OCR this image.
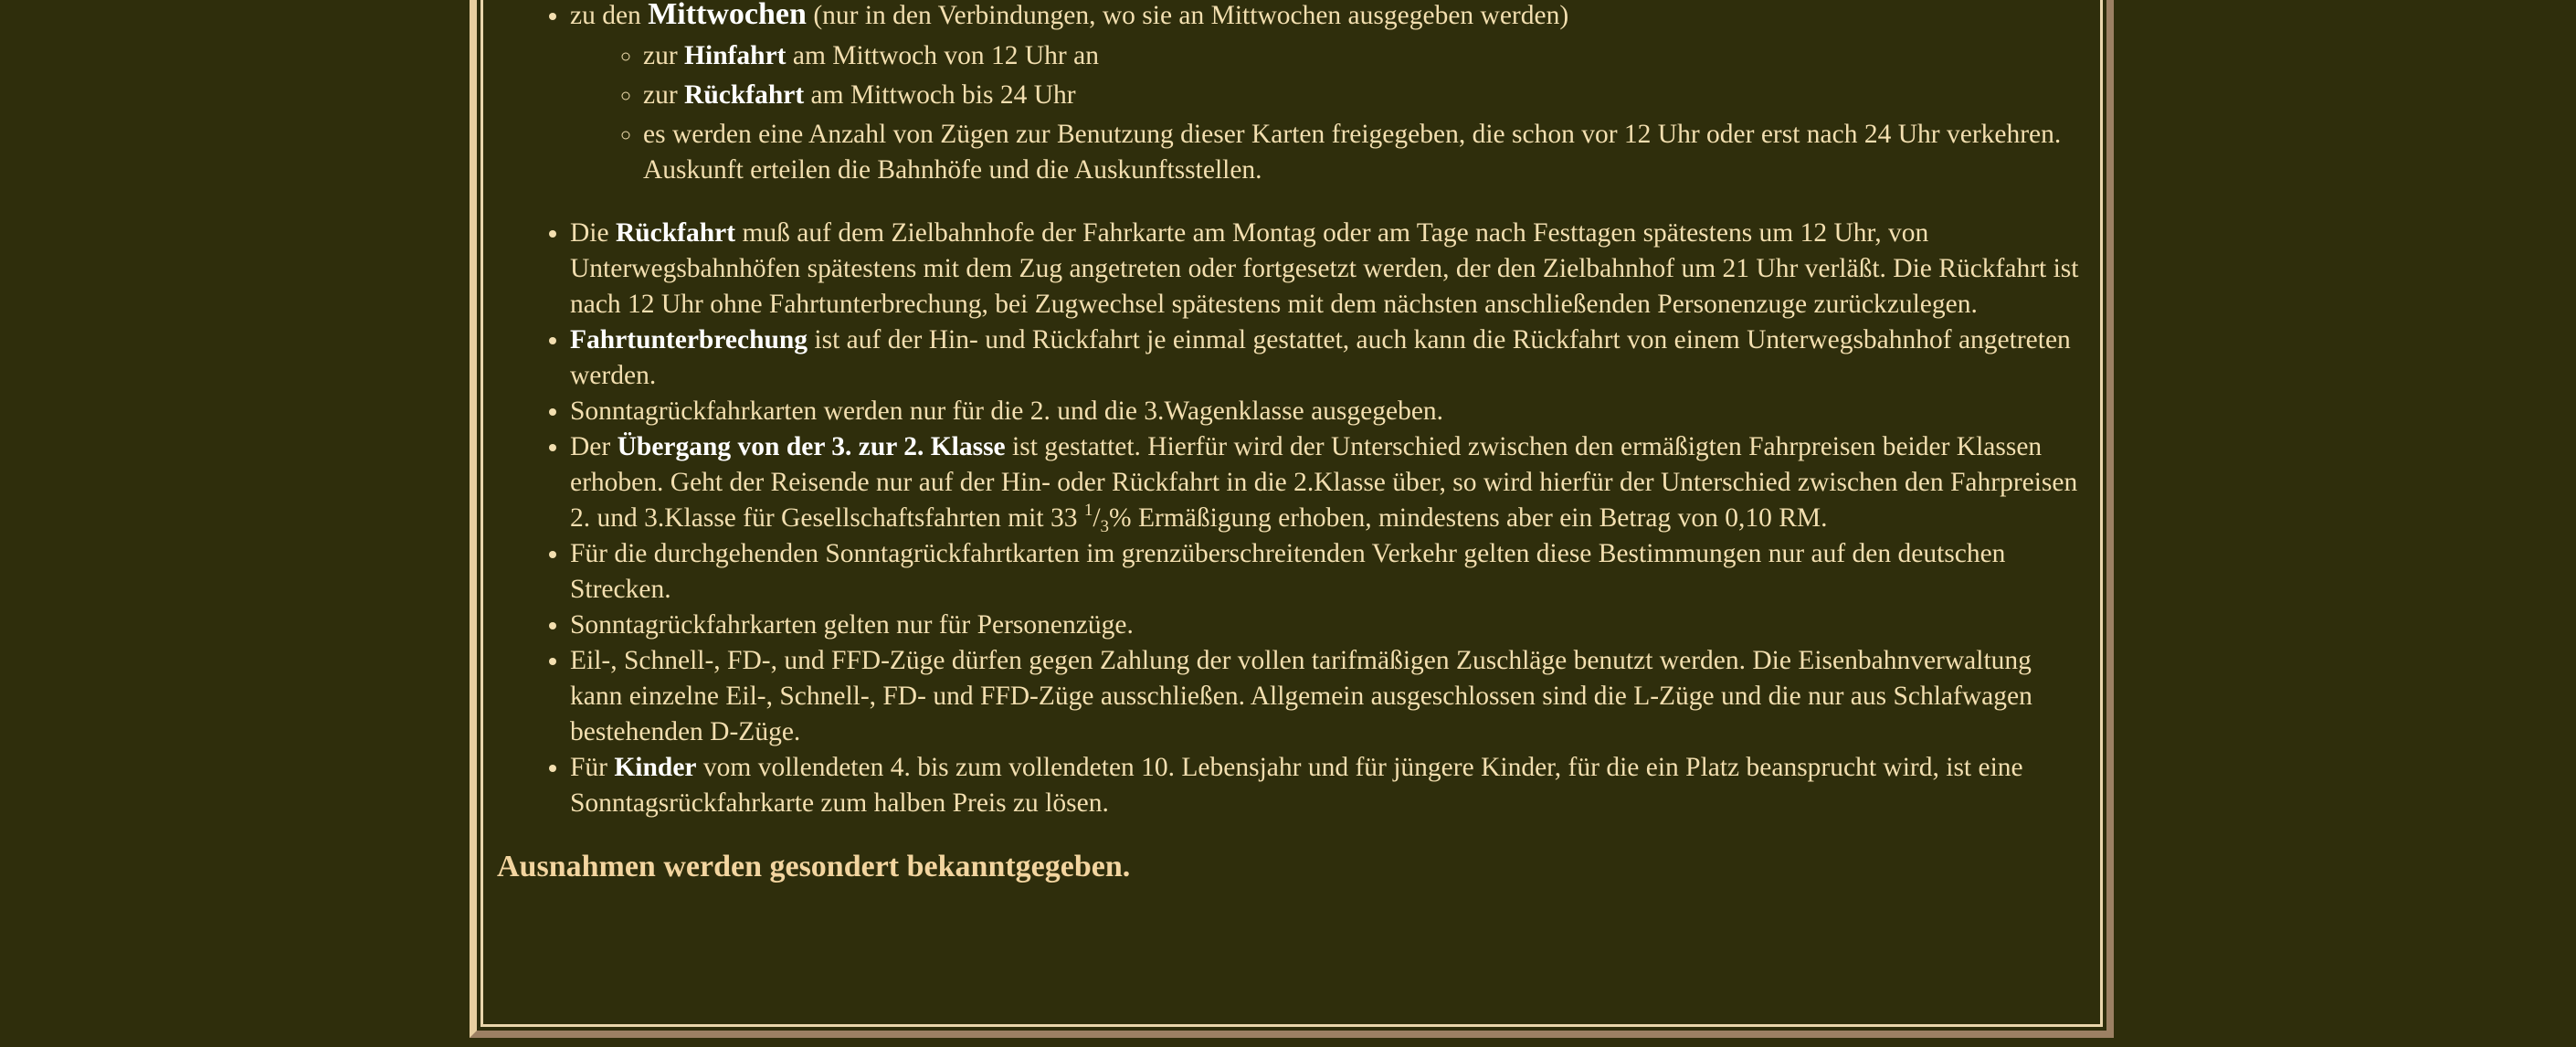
• zu den Mittwochen (nur in den Verbindungen, wo sie an Mittwochen ausgegeben werden)
◦ zur Hinfahrt am Mittwoch von 12 Uhr an
◦ zur Rückfahrt am Mittwoch bis 24 Uhr
◦ es werden eine Anzahl von Zügen zur Benutzung dieser Karten freigegeben, die schon vor 12 Uhr oder erst nach 24 Uhr verkehren. Auskunft erteilen die Bahnhöfe und die Auskunftsstellen.
• Die Rückfahrt muß auf dem Zielbahnhofe der Fahrkarte am Montag oder am Tage nach Festtagen spätestens um 12 Uhr, von Unterwegsbahnhöfen spätestens mit dem Zug angetreten oder fortgesetzt werden, der den Zielbahnhof um 21 Uhr verläßt. Die Rückfahrt ist nach 12 Uhr ohne Fahrtunterbrechung, bei Zugwechsel spätestens mit dem nächsten anschließenden Personenzuge zurückzulegen.
• Fahrtunterbrechung ist auf der Hin- und Rückfahrt je einmal gestattet, auch kann die Rückfahrt von einem Unterwegsbahnhof angetreten werden.
• Sonntagrückfahrkarten werden nur für die 2. und die 3.Wagenklasse ausgegeben.
• Der Übergang von der 3. zur 2. Klasse ist gestattet. Hierfür wird der Unterschied zwischen den ermäßigten Fahrpreisen beider Klassen erhoben. Geht der Reisende nur auf der Hin- oder Rückfahrt in die 2.Klasse über, so wird hierfür der Unterschied zwischen den Fahrpreisen 2. und 3.Klasse für Gesellschaftsfahrten mit 33 $^1/_3\%$ Ermäßigung erhoben, mindestens aber ein Betrag von 0,10 RM.
• Für die durchgehenden Sonntagrückfahrtkarten im grenzüberschreitenden Verkehr gelten diese Bestimmungen nur auf den deutschen Strecken.
• Sonntagrückfahrkarten gelten nur für Personenzüge.
• Eil-, Schnell-, FD-, und FFD-Züge dürfen gegen Zahlung der vollen tarifmäßigen Zuschläge benutzt werden. Die Eisenbahnverwaltung kann einzelne Eil-, Schnell-, FD- und FFD-Züge ausschließen. Allgemein ausgeschlossen sind die L-Züge und die nur aus Schlafwagen bestehenden D-Züge.
• Für Kinder vom vollendeten 4. bis zum vollendeten 10. Lebensjahr und für jüngere Kinder, für die ein Platz beansprucht wird, ist eine Sonntagsrückfahrkarte zum halben Preis zu lösen.
Ausnahmen werden gesondert bekanntgegeben.
